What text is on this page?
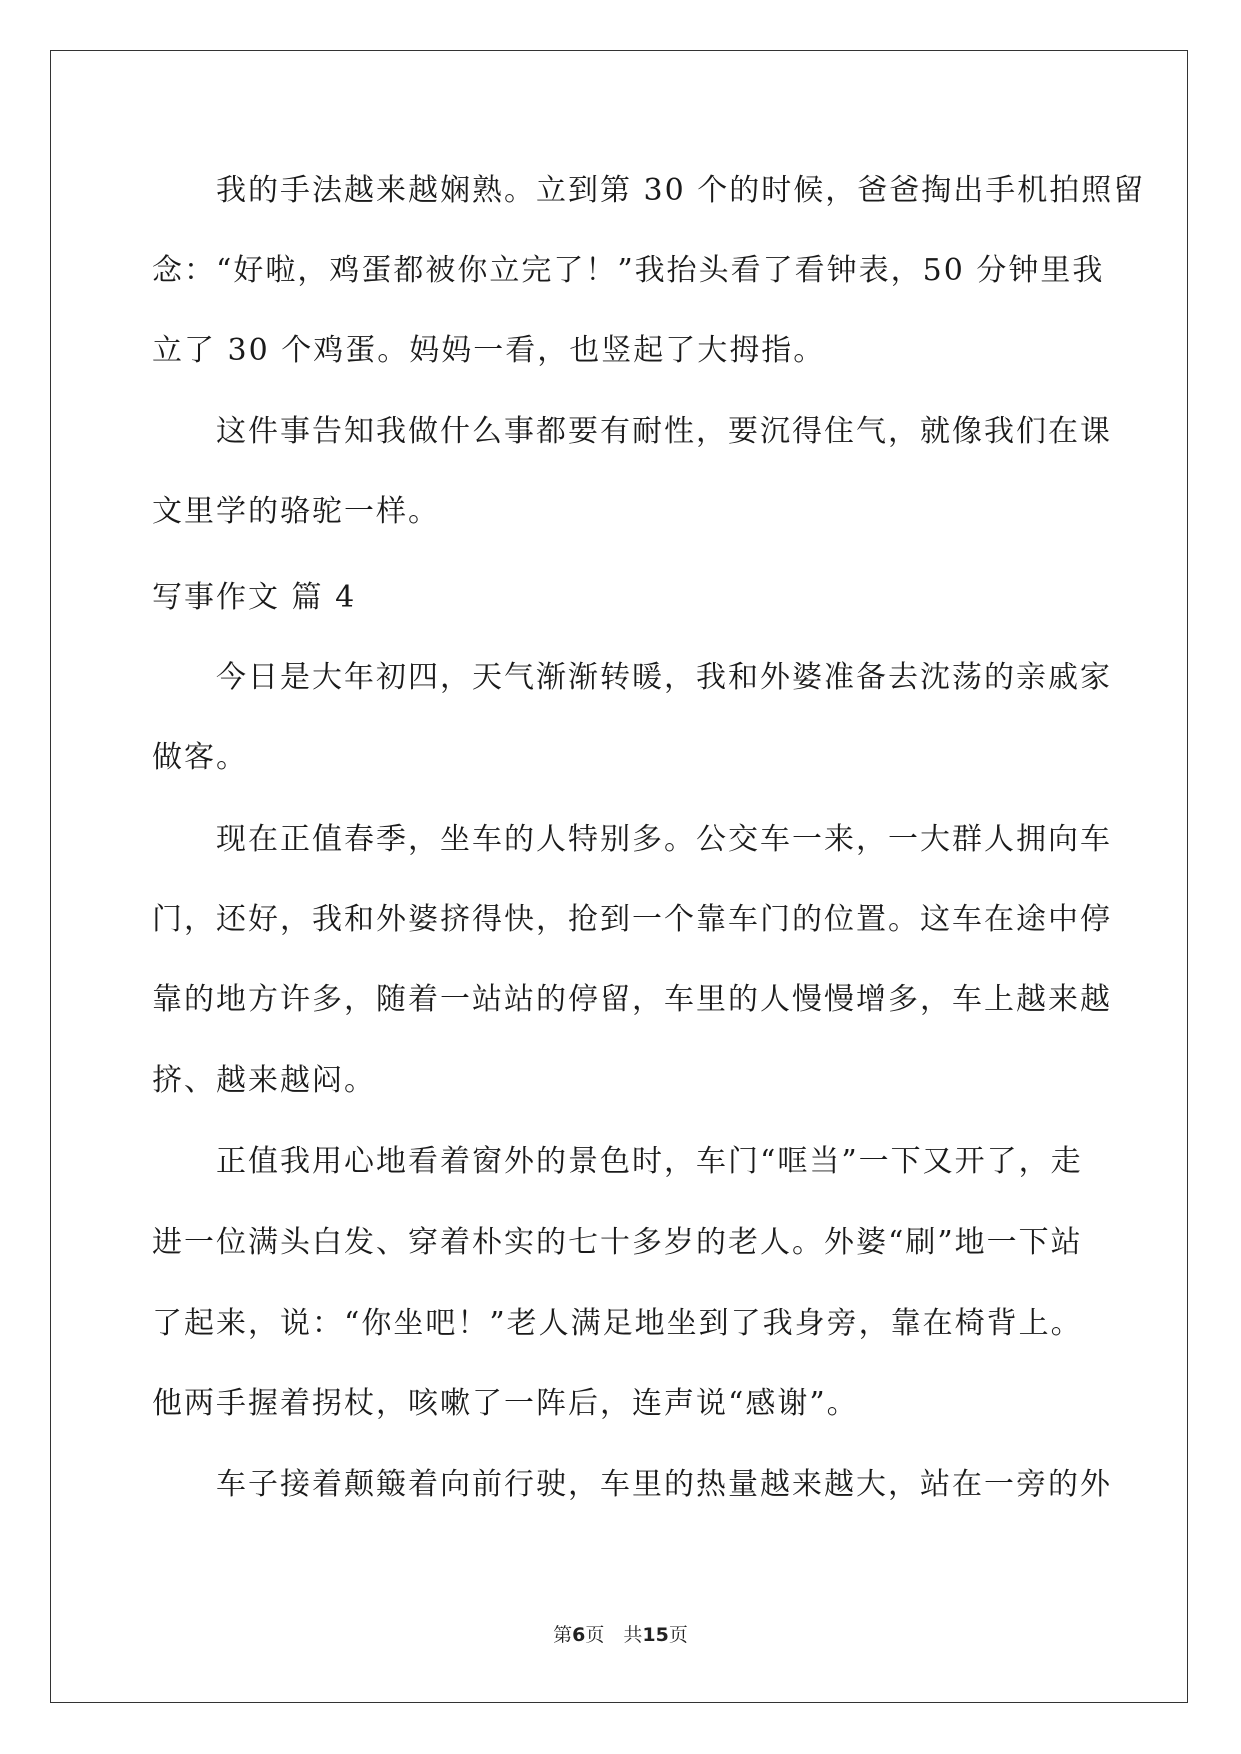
　　我的手法越来越娴熟。立到第 30 个的时候，爸爸掏出手机拍照留
念：“好啦，鸡蛋都被你立完了！”我抬头看了看钟表，50 分钟里我
立了 30 个鸡蛋。妈妈一看，也竖起了大拇指。
　　这件事告知我做什么事都要有耐性，要沉得住气，就像我们在课
文里学的骆驼一样。
写事作文 篇 4
　　今日是大年初四，天气渐渐转暖，我和外婆准备去沈荡的亲戚家
做客。
　　现在正值春季，坐车的人特别多。公交车一来，一大群人拥向车
门，还好，我和外婆挤得快，抢到一个靠车门的位置。这车在途中停
靠的地方许多，随着一站站的停留，车里的人慢慢增多，车上越来越
挤、越来越闷。
　　正值我用心地看着窗外的景色时，车门“哐当”一下又开了，走
进一位满头白发、穿着朴实的七十多岁的老人。外婆“刷”地一下站
了起来，说：“你坐吧！”老人满足地坐到了我身旁，靠在椅背上。
他两手握着拐杖，咳嗽了一阵后，连声说“感谢”。
　　车子接着颠簸着向前行驶，车里的热量越来越大，站在一旁的外
第6页　共15页
